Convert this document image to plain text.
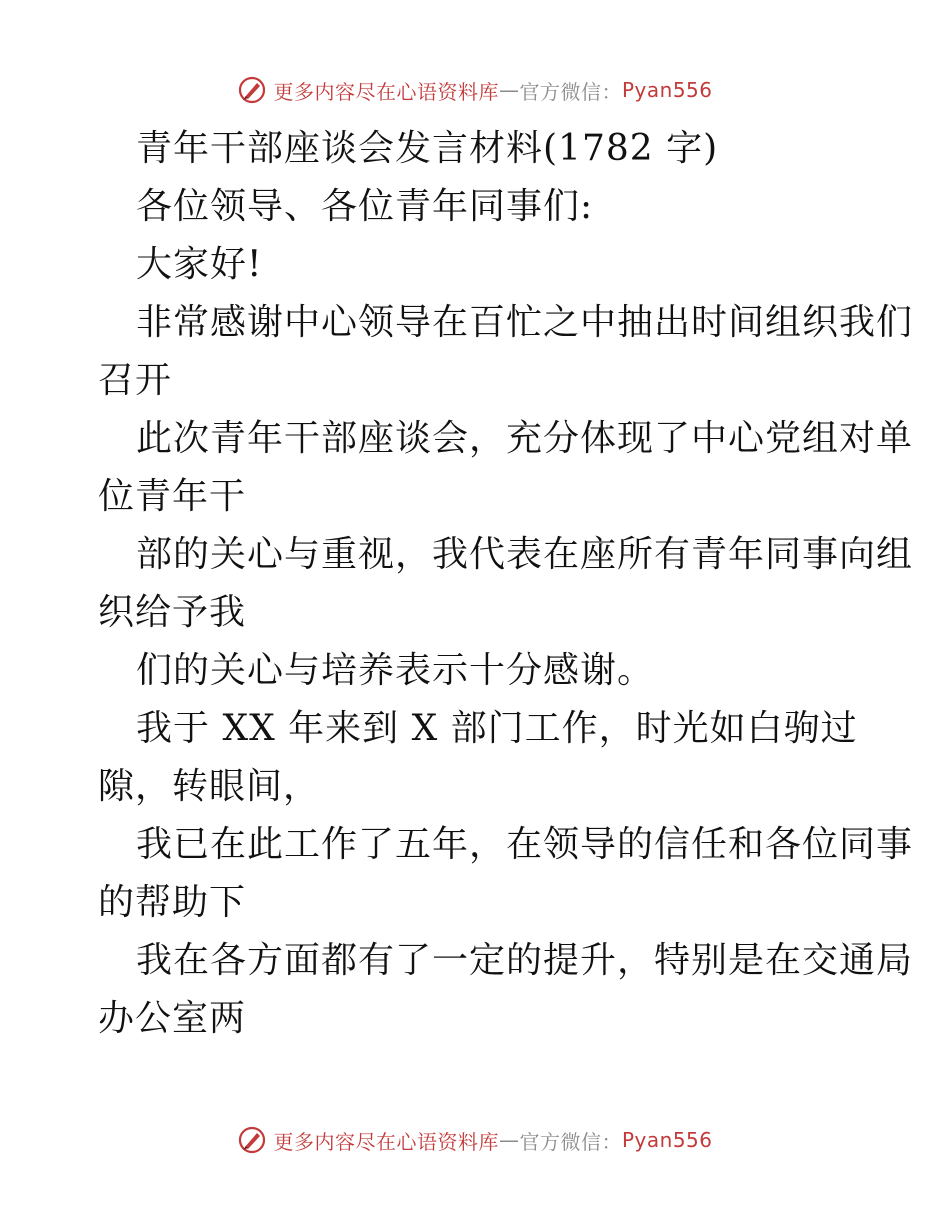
更多内容尽在心语资料库 — 官方微信： Pyan556
青年干部座谈会发言材料(1782 字)
各位领导、各位青年同事们:
大家好!
非常感谢中心领导在百忙之中抽出时间组织我们
召开
此次青年干部座谈会，充分体现了中心党组对单
位青年干
部的关心与重视，我代表在座所有青年同事向组
织给予我
们的关心与培养表示十分感谢。
我于 XX 年来到 X 部门工作，时光如白驹过
隙，转眼间，
我已在此工作了五年，在领导的信任和各位同事
的帮助下
我在各方面都有了一定的提升，特别是在交通局
办公室两
更多内容尽在心语资料库 — 官方微信： Pyan556
